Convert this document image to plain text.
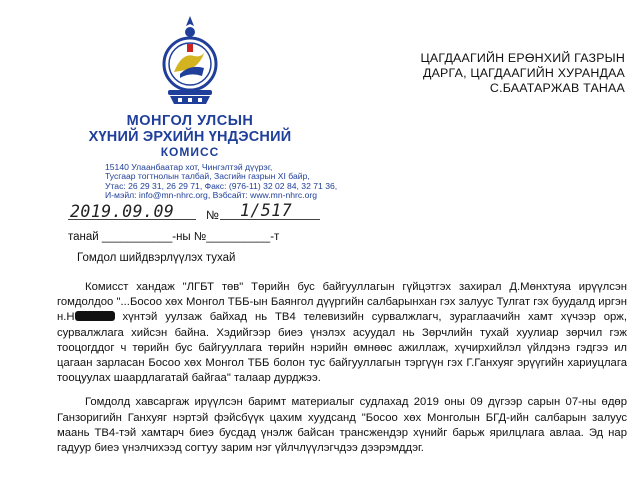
МОНГОЛ УЛСЫН
ХҮНИЙ ЭРХИЙН ҮНДЭСНИЙ
КОМИСС
15140 Улаанбаатар хот, Чингэлтэй дүүрэг,
Тусгаар тогтнолын талбай, Засгийн газрын XI байр,
Утас: 26 29 31, 26 29 71, Факс: (976-11) 32 02 84, 32 71 36,
И-мэйл: info@mn-nhrc.org, Вэбсайт: www.mn-nhrc.org
ЦАГДААГИЙН ЕРӨНХИЙ ГАЗРЫН
ДАРГА, ЦАГДААГИЙН ХУРАНДАА
С.БААТАРЖАВ ТАНАА
2019.09.09	№ 1/517
танай ___________-ны №__________-т
Гомдол шийдвэрлүүлэх тухай

Комисст хандаж "ЛГБТ төв" Төрийн бус байгууллагын гүйцэтгэх захирал Д.Мөнхтуяа ирүүлсэн гомдолдоо "...Босоо хөх Монгол ТББ-ын Баянгол дүүргийн салбарынхан гэх залуус Тулгат гэх буудалд иргэн н.Н	хүнтэй уулзаж байхад нь ТВ4 телевизийн сурвалжлагч, зураглаачийн хамт хүчээр орж, сурвалжлага хийсэн байна. Хэдийгээр биеэ үнэлэх асуудал нь Зөрчлийн тухай хуулиар зөрчил гэж тооцогддог ч төрийн бус байгууллага төрийн нэрийн өмнөөс ажиллаж, хүчирхийлэл үйлдэнэ гэдгээ ил цагаан зарласан Босоо хөх Монгол ТББ болон тус байгууллагын тэргүүн гэх Г.Ганхуяг эрүүгийн хариуцлага тооцуулах шаардлагатай байгаа" талаар дурджээ.

Гомдолд хавсаргаж ирүүлсэн баримт материалыг судлахад 2019 оны 09 дүгээр сарын 07-ны өдөр Ганзоригийн Ганхуяг нэртэй фэйсбүүк цахим хуудсанд "Босоо хөх Монголын БГД-ийн салбарын залуус маань ТВ4-тэй хамтарч биеэ бусдад үнэлж байсан трансжендэр хүнийг барьж ярилцлага авлаа. Эд нар гадуур биеэ үнэлчихээд согтуу зарим нэг үйлчлүүлэгчдээ дээрэмддэг.
